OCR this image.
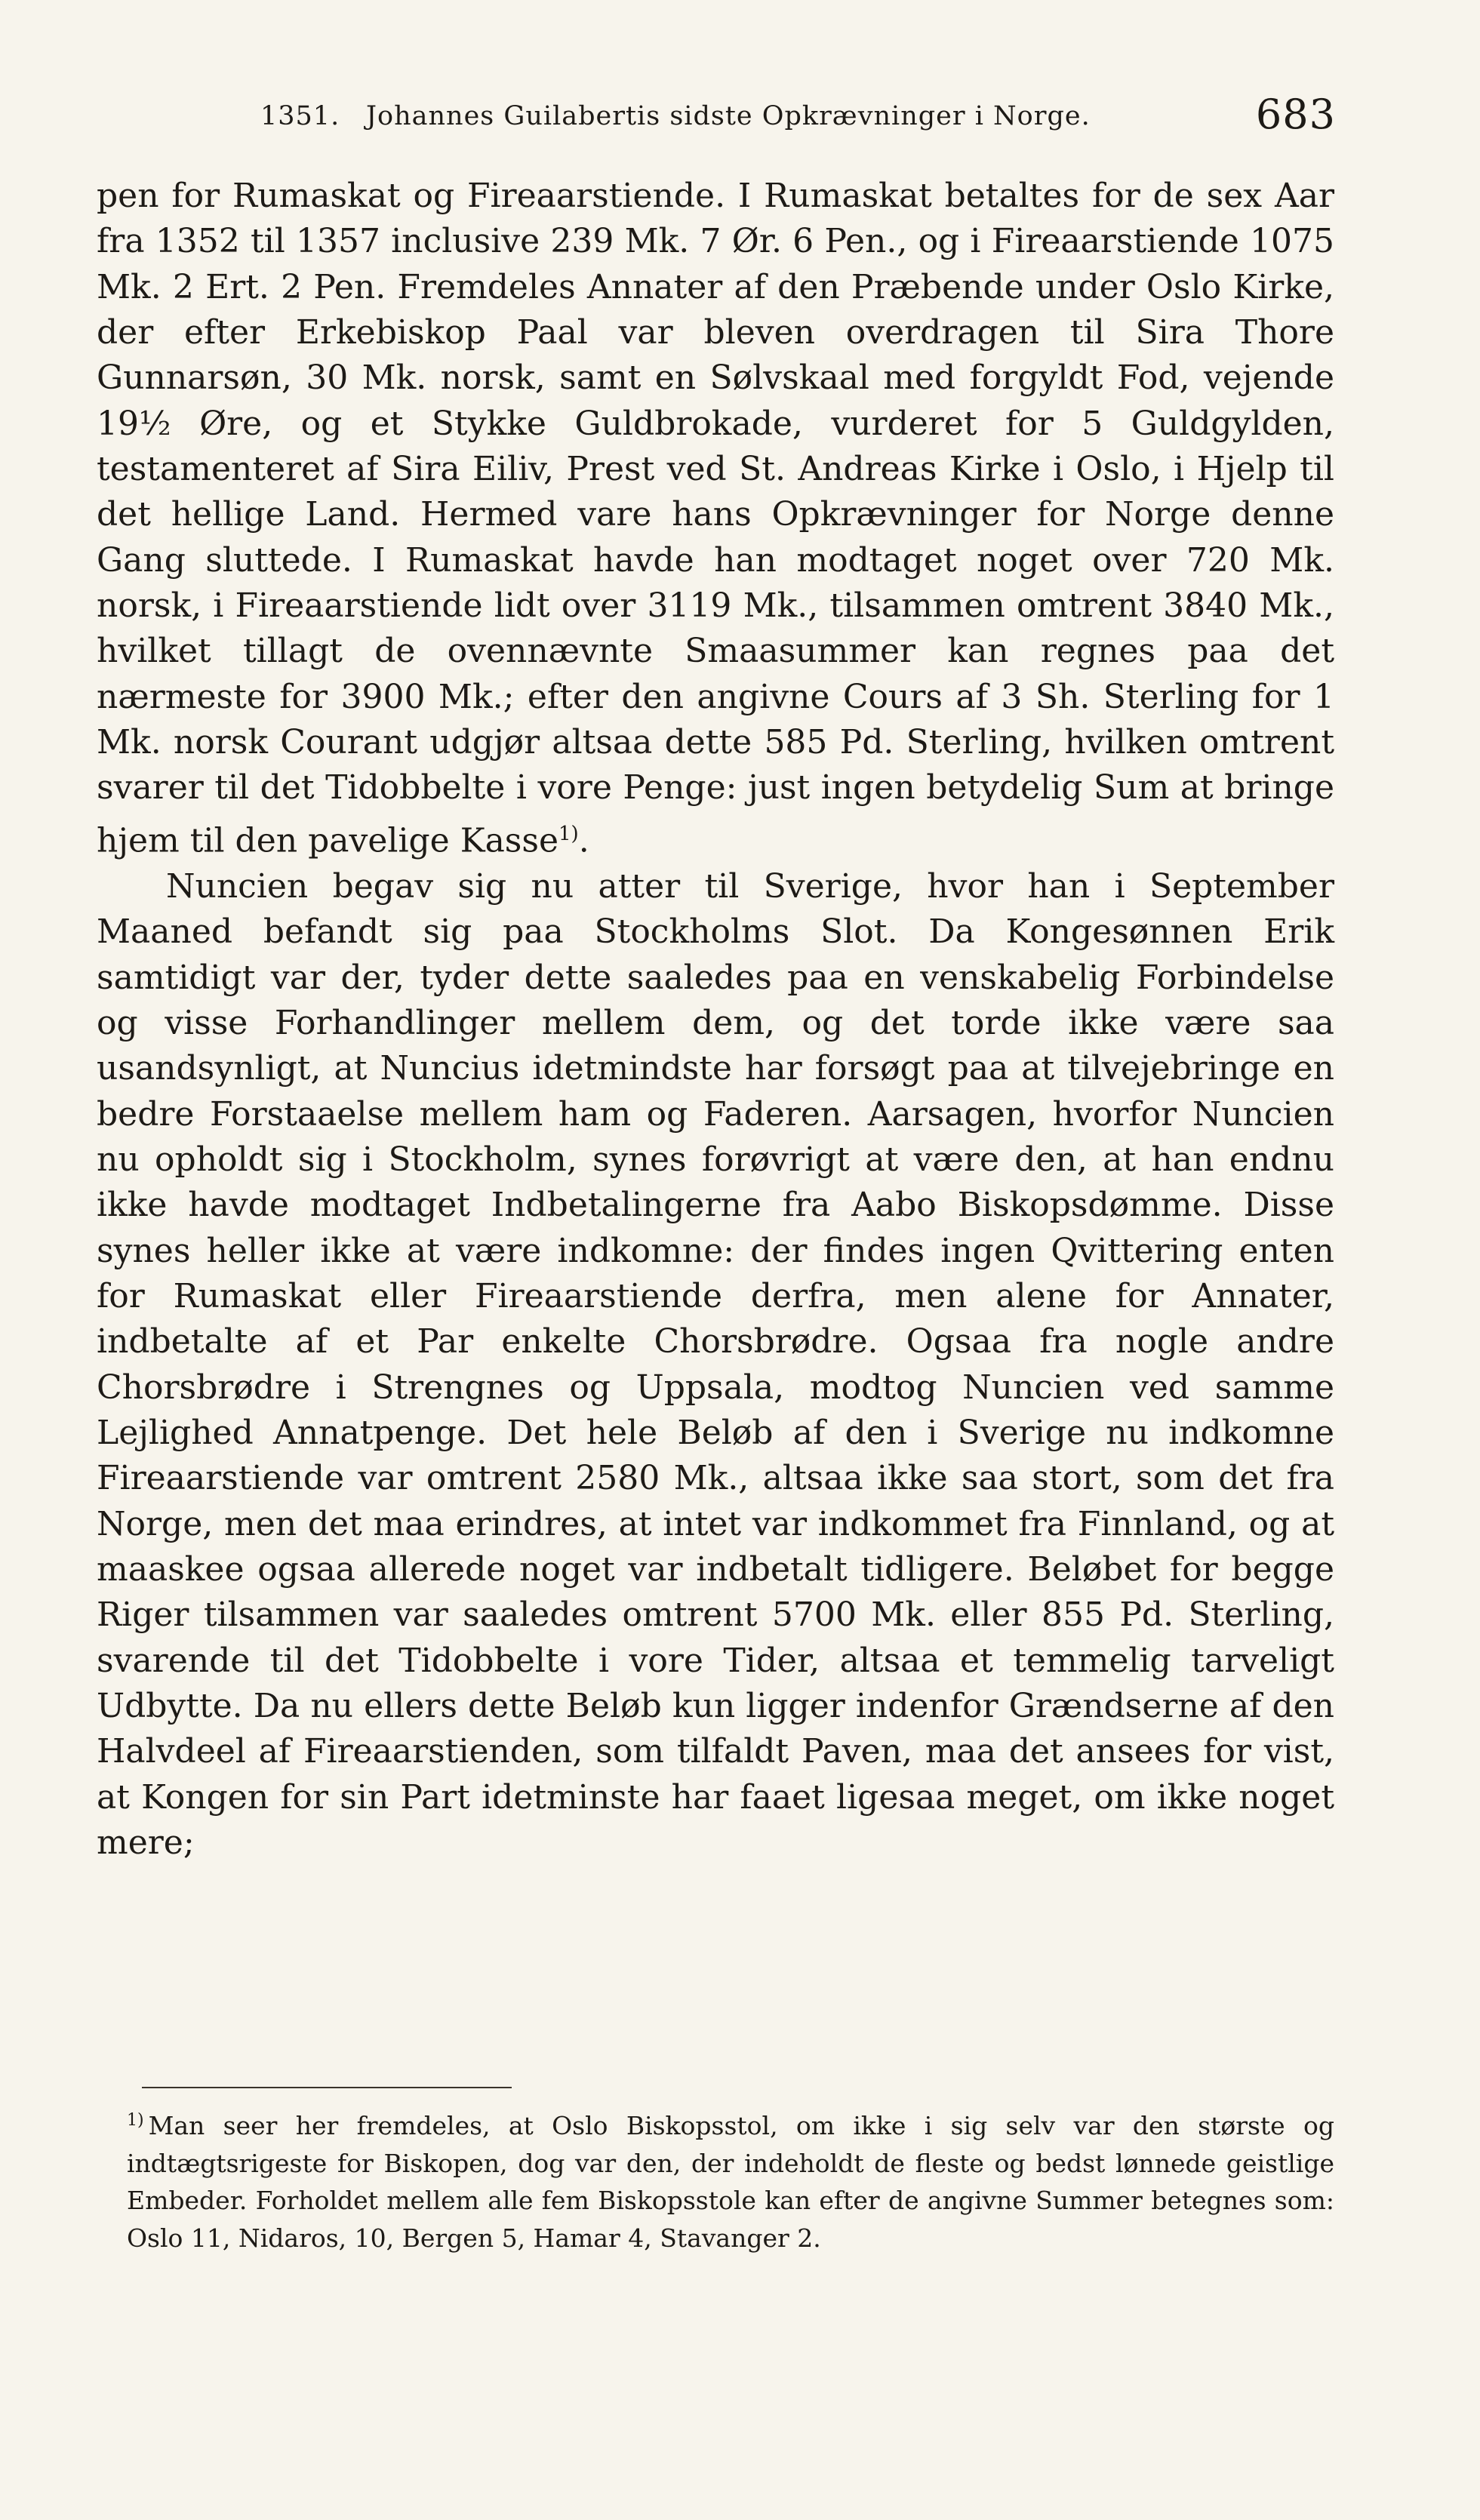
1351. Johannes Guilabertis sidste Opkrævninger i Norge.	683

pen for Rumaskat og Fireaarstiende. I Rumaskat betaltes for de sex Aar fra 1352 til 1357 inclusive 239 Mk. 7 Ør. 6 Pen., og i Fireaarstiende 1075 Mk. 2 Ert. 2 Pen. Fremdeles Annater af den Præbende under Oslo Kirke, der efter Erkebiskop Paal var bleven overdragen til Sira Thore Gunnarsøn, 30 Mk. norsk, samt en Sølvskaal med forgyldt Fod, vejende 19½ Øre, og et Stykke Guldbrokade, vurderet for 5 Guldgylden, testamenteret af Sira Eiliv, Prest ved St. Andreas Kirke i Oslo, i Hjelp til det hellige Land. Hermed vare hans Opkrævninger for Norge denne Gang sluttede. I Rumaskat havde han modtaget noget over 720 Mk. norsk, i Fireaarstiende lidt over 3119 Mk., tilsammen omtrent 3840 Mk., hvilket tillagt de ovennævnte Smaasummer kan regnes paa det nærmeste for 3900 Mk.; efter den angivne Cours af 3 Sh. Sterling for 1 Mk. norsk Courant udgjør altsaa dette 585 Pd. Sterling, hvilken omtrent svarer til det Tidobbelte i vore Penge: just ingen betydelig Sum at bringe hjem til den pavelige Kasse$^{1)}$.

Nuncien begav sig nu atter til Sverige, hvor han i September Maaned befandt sig paa Stockholms Slot. Da Kongesønnen Erik samtidigt var der, tyder dette saaledes paa en venskabelig Forbindelse og visse Forhandlinger mellem dem, og det torde ikke være saa usandsynligt, at Nuncius idetmindste har forsøgt paa at tilvejebringe en bedre Forstaaelse mellem ham og Faderen. Aarsagen, hvorfor Nuncien nu opholdt sig i Stockholm, synes forøvrigt at være den, at han endnu ikke havde modtaget Indbetalingerne fra Aabo Biskopsdømme. Disse synes heller ikke at være indkomne: der findes ingen Qvittering enten for Rumaskat eller Fireaarstiende derfra, men alene for Annater, indbetalte af et Par enkelte Chorsbrødre. Ogsaa fra nogle andre Chorsbrødre i Strengnes og Uppsala, modtog Nuncien ved samme Lejlighed Annatpenge. Det hele Beløb af den i Sverige nu indkomne Fireaarstiende var omtrent 2580 Mk., altsaa ikke saa stort, som det fra Norge, men det maa erindres, at intet var indkommet fra Finnland, og at maaskee ogsaa allerede noget var indbetalt tidligere. Beløbet for begge Riger tilsammen var saaledes omtrent 5700 Mk. eller 855 Pd. Sterling, svarende til det Tidobbelte i vore Tider, altsaa et temmelig tarveligt Udbytte. Da nu ellers dette Beløb kun ligger indenfor Grændserne af den Halvdeel af Fireaarstienden, som tilfaldt Paven, maa det ansees for vist, at Kongen for sin Part idetminste har faaet ligesaa meget, om ikke noget mere;

$^{1)}$ Man seer her fremdeles, at Oslo Biskopsstol, om ikke i sig selv var den største og indtægtsrigeste for Biskopen, dog var den, der indeholdt de fleste og bedst lønnede geistlige Embeder. Forholdet mellem alle fem Biskopsstole kan efter de angivne Summer betegnes som: Oslo 11, Nidaros, 10, Bergen 5, Hamar 4, Stavanger 2.
